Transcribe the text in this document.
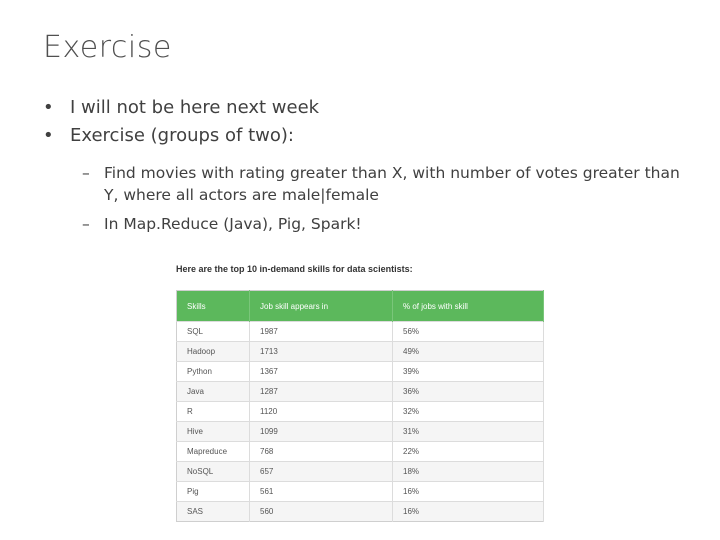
Exercise
• I will not be here next week
• Exercise (groups of two):
– Find movies with rating greater than X, with number of votes greater than Y, where all actors are male|female
– In Map.Reduce (Java), Pig, Spark!
Here are the top 10 in-demand skills for data scientists:
Skills	Job skill appears in	% of jobs with skill
SQL	1987	56%
Hadoop	1713	49%
Python	1367	39%
Java	1287	36%
R	1120	32%
Hive	1099	31%
Mapreduce	768	22%
NoSQL	657	18%
Pig	561	16%
SAS	560	16%
